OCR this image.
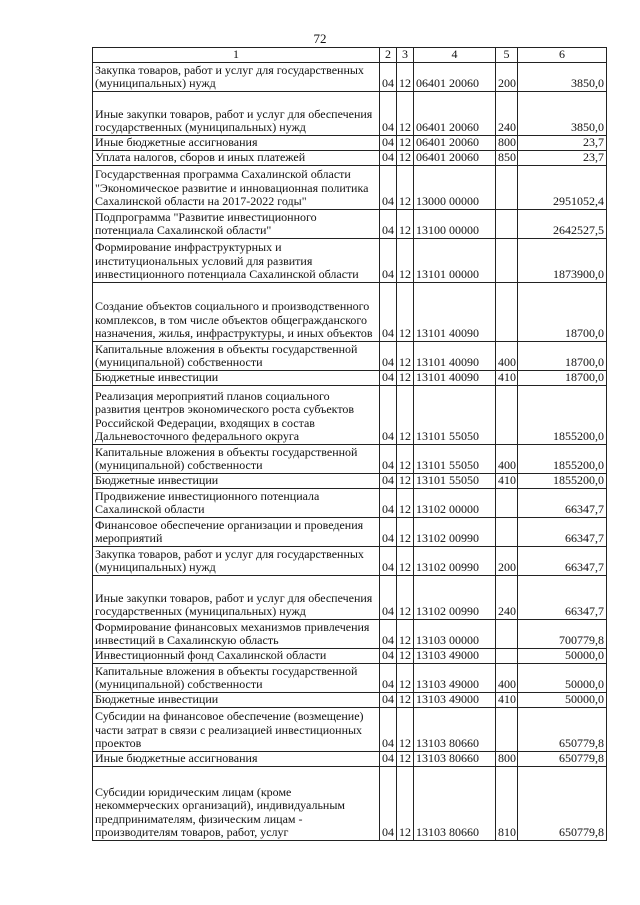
72
1	2	3	4	5	6
Закупка товаров, работ и услуг для государственных (муниципальных) нужд	04	12	06401 20060	200	3850,0
Иные закупки товаров, работ и услуг для обеспечения государственных (муниципальных) нужд	04	12	06401 20060	240	3850,0
Иные бюджетные ассигнования	04	12	06401 20060	800	23,7
Уплата налогов, сборов и иных платежей	04	12	06401 20060	850	23,7
Государственная программа Сахалинской области "Экономическое развитие и инновационная политика Сахалинской области на 2017-2022 годы"	04	12	13000 00000		2951052,4
Подпрограмма "Развитие инвестиционного потенциала Сахалинской области"	04	12	13100 00000		2642527,5
Формирование инфраструктурных и институциональных условий для развития инвестиционного потенциала Сахалинской области	04	12	13101 00000		1873900,0
Создание объектов социального и производственного комплексов, в том числе объектов общегражданского назначения, жилья, инфраструктуры, и иных объектов	04	12	13101 40090		18700,0
Капитальные вложения в объекты государственной (муниципальной) собственности	04	12	13101 40090	400	18700,0
Бюджетные инвестиции	04	12	13101 40090	410	18700,0
Реализация мероприятий планов социального развития центров экономического роста субъектов Российской Федерации, входящих в состав Дальневосточного федерального округа	04	12	13101 55050		1855200,0
Капитальные вложения в объекты государственной (муниципальной) собственности	04	12	13101 55050	400	1855200,0
Бюджетные инвестиции	04	12	13101 55050	410	1855200,0
Продвижение инвестиционного потенциала Сахалинской области	04	12	13102 00000		66347,7
Финансовое обеспечение организации и проведения мероприятий	04	12	13102 00990		66347,7
Закупка товаров, работ и услуг для государственных (муниципальных) нужд	04	12	13102 00990	200	66347,7
Иные закупки товаров, работ и услуг для обеспечения государственных (муниципальных) нужд	04	12	13102 00990	240	66347,7
Формирование финансовых механизмов привлечения инвестиций в Сахалинскую область	04	12	13103 00000		700779,8
Инвестиционный фонд Сахалинской области	04	12	13103 49000		50000,0
Капитальные вложения в объекты государственной (муниципальной) собственности	04	12	13103 49000	400	50000,0
Бюджетные инвестиции	04	12	13103 49000	410	50000,0
Субсидии на финансовое обеспечение (возмещение) части затрат в связи с реализацией инвестиционных проектов	04	12	13103 80660		650779,8
Иные бюджетные ассигнования	04	12	13103 80660	800	650779,8
Субсидии юридическим лицам (кроме некоммерческих организаций), индивидуальным предпринимателям, физическим лицам - производителям товаров, работ, услуг	04	12	13103 80660	810	650779,8
